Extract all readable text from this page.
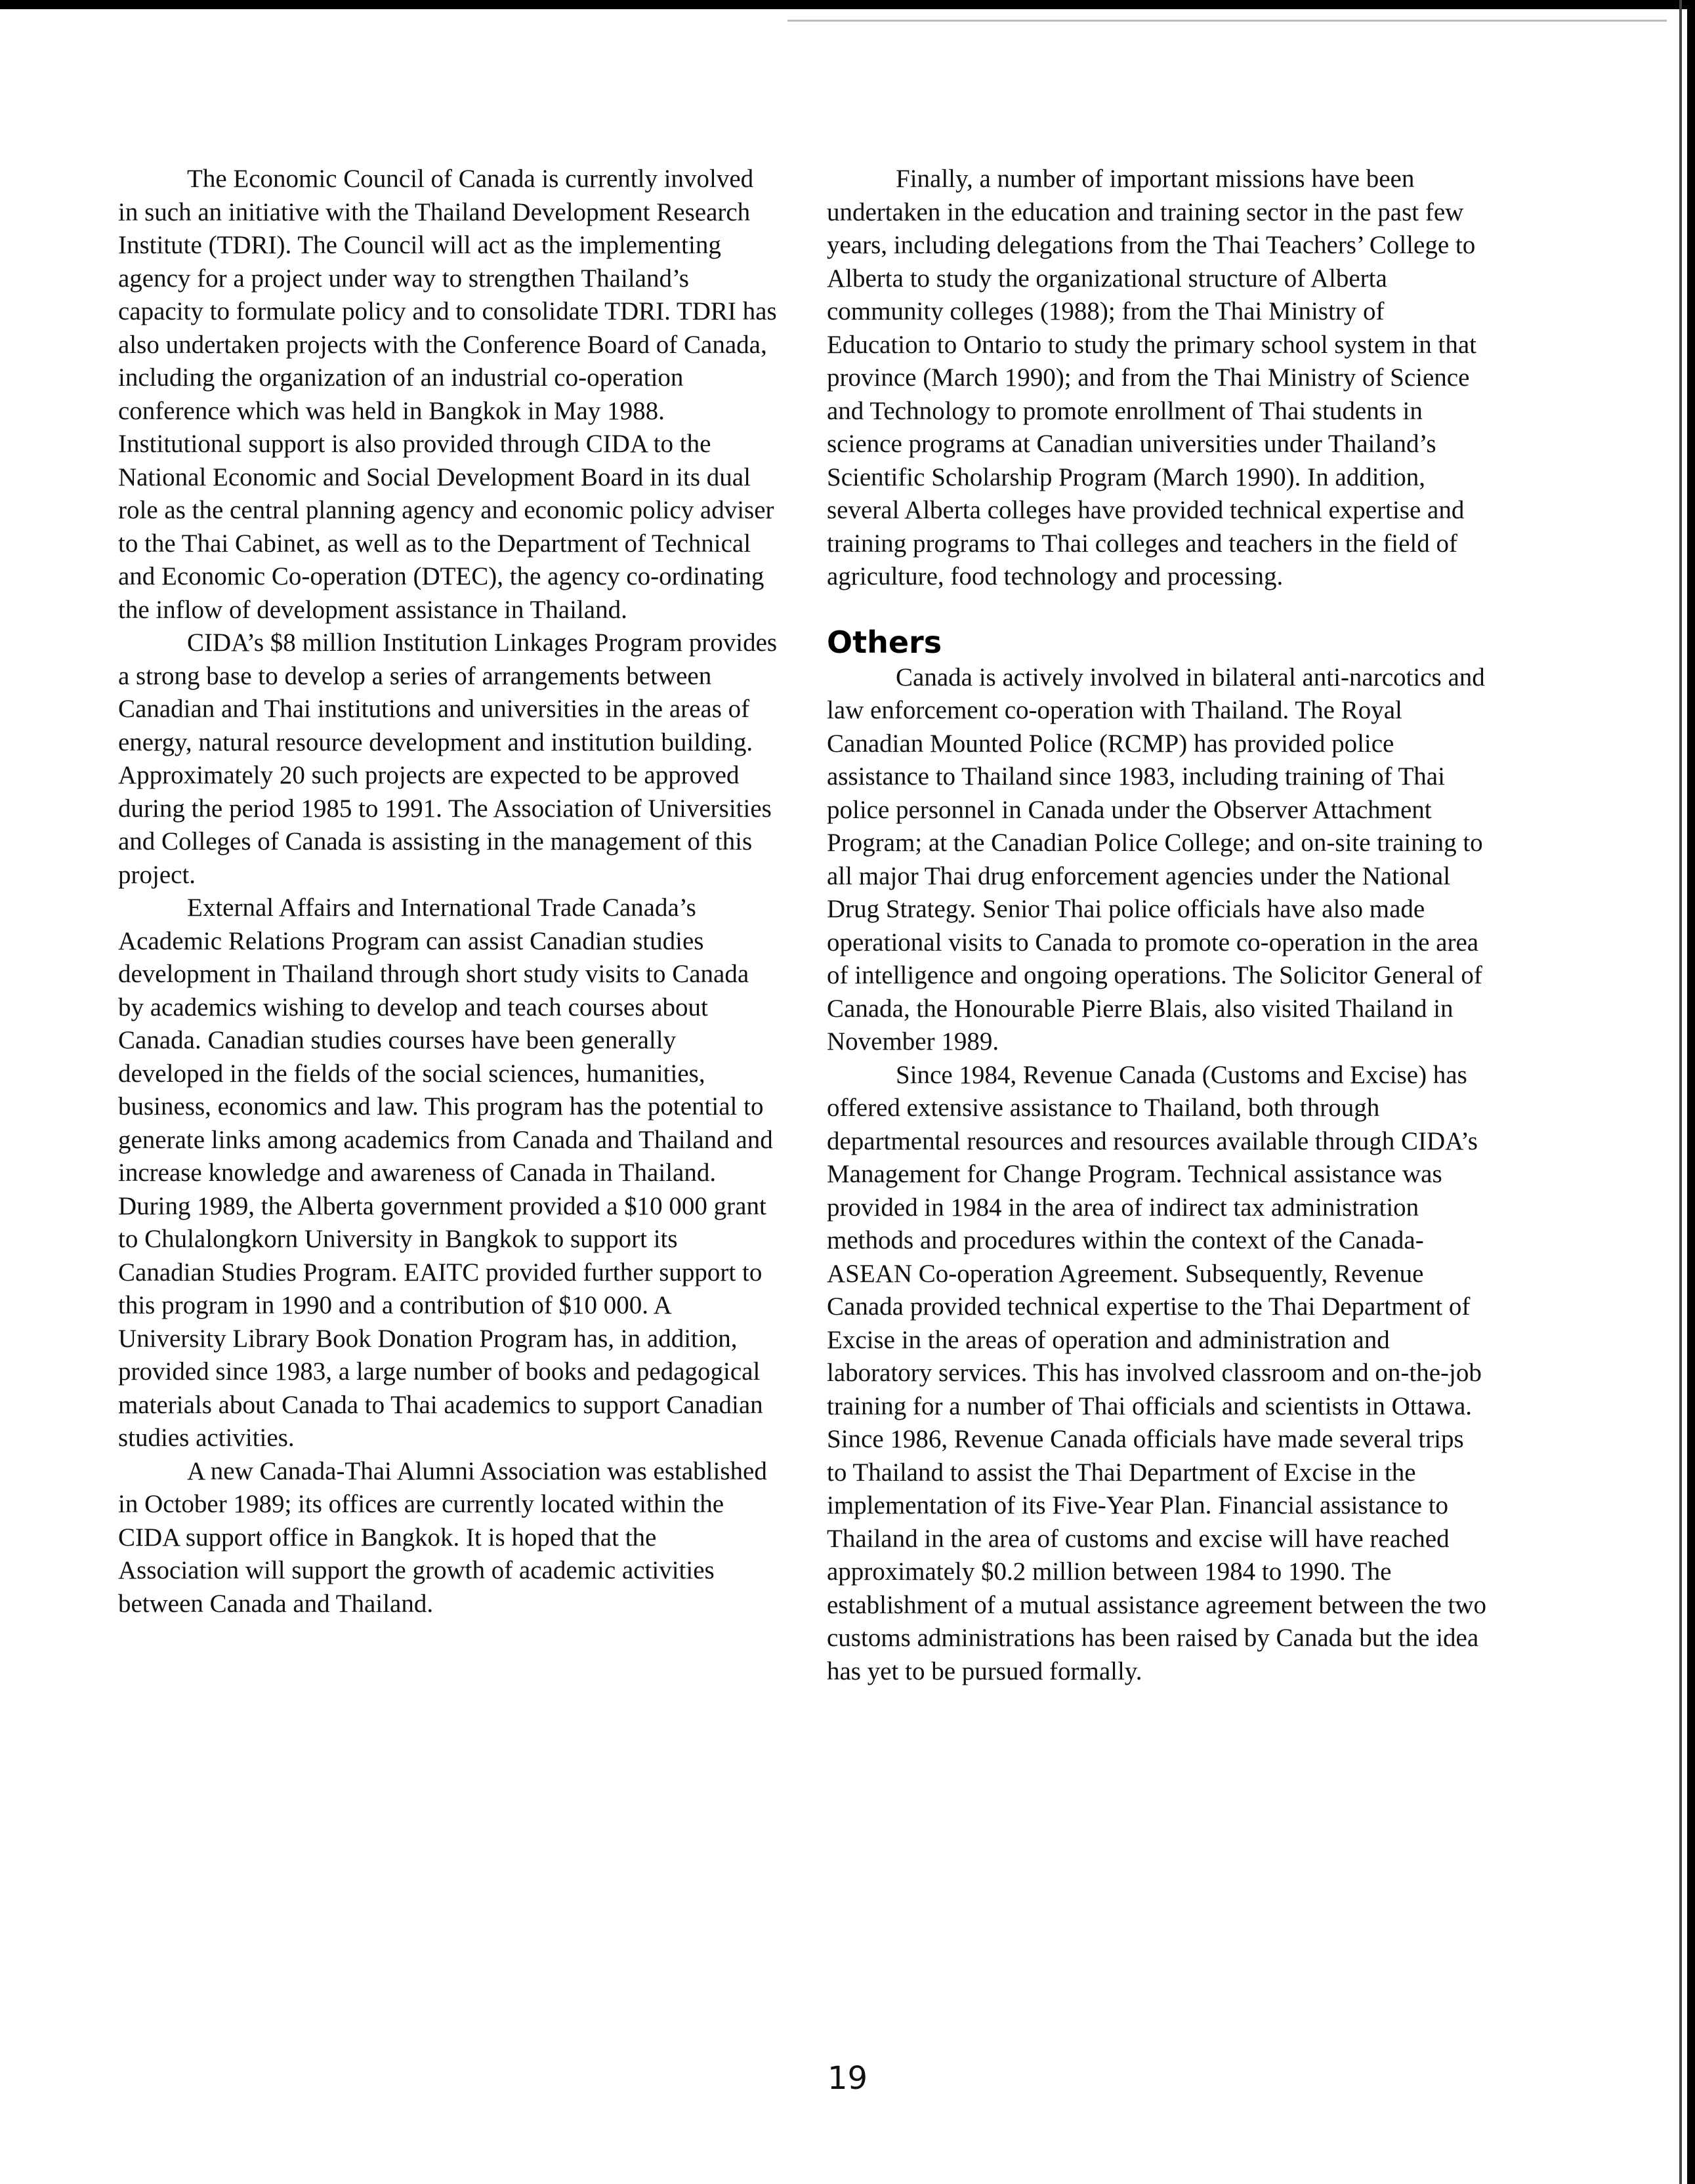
The Economic Council of Canada is currently involved in such an initiative with the Thailand Development Research Institute (TDRI). The Council will act as the implementing agency for a project under way to strengthen Thailand’s capacity to formulate policy and to consolidate TDRI. TDRI has also undertaken projects with the Conference Board of Canada, including the organization of an industrial co-operation conference which was held in Bangkok in May 1988. Institutional support is also provided through CIDA to the National Economic and Social Development Board in its dual role as the central planning agency and economic policy adviser to the Thai Cabinet, as well as to the Department of Technical and Economic Co-operation (DTEC), the agency co-ordinating the inflow of development assistance in Thailand.

CIDA’s $8 million Institution Linkages Program provides a strong base to develop a series of arrangements between Canadian and Thai institutions and universities in the areas of energy, natural resource development and institution building. Approximately 20 such projects are expected to be approved during the period 1985 to 1991. The Association of Universities and Colleges of Canada is assisting in the management of this project.

External Affairs and International Trade Canada’s Academic Relations Program can assist Canadian studies development in Thailand through short study visits to Canada by academics wishing to develop and teach courses about Canada. Canadian studies courses have been generally developed in the fields of the social sciences, humanities, business, economics and law. This program has the potential to generate links among academics from Canada and Thailand and increase knowledge and awareness of Canada in Thailand. During 1989, the Alberta government provided a $10 000 grant to Chulalongkorn University in Bangkok to support its Canadian Studies Program. EAITC provided further support to this program in 1990 and a contribution of $10 000. A University Library Book Donation Program has, in addition, provided since 1983, a large number of books and pedagogical materials about Canada to Thai academics to support Canadian studies activities.

A new Canada-Thai Alumni Association was established in October 1989; its offices are currently located within the CIDA support office in Bangkok. It is hoped that the Association will support the growth of academic activities between Canada and Thailand.

Finally, a number of important missions have been undertaken in the education and training sector in the past few years, including delegations from the Thai Teachers’ College to Alberta to study the organizational structure of Alberta community colleges (1988); from the Thai Ministry of Education to Ontario to study the primary school system in that province (March 1990); and from the Thai Ministry of Science and Technology to promote enrollment of Thai students in science programs at Canadian universities under Thailand’s Scientific Scholarship Program (March 1990). In addition, several Alberta colleges have provided technical expertise and training programs to Thai colleges and teachers in the field of agriculture, food technology and processing.

Others

Canada is actively involved in bilateral anti-narcotics and law enforcement co-operation with Thailand. The Royal Canadian Mounted Police (RCMP) has provided police assistance to Thailand since 1983, including training of Thai police personnel in Canada under the Observer Attachment Program; at the Canadian Police College; and on-site training to all major Thai drug enforcement agencies under the National Drug Strategy. Senior Thai police officials have also made operational visits to Canada to promote co-operation in the area of intelligence and ongoing operations. The Solicitor General of Canada, the Honourable Pierre Blais, also visited Thailand in November 1989.

Since 1984, Revenue Canada (Customs and Excise) has offered extensive assistance to Thailand, both through departmental resources and resources available through CIDA’s Management for Change Program. Technical assistance was provided in 1984 in the area of indirect tax administration methods and procedures within the context of the Canada-ASEAN Co-operation Agreement. Subsequently, Revenue Canada provided technical expertise to the Thai Department of Excise in the areas of operation and administration and laboratory services. This has involved classroom and on-the-job training for a number of Thai officials and scientists in Ottawa. Since 1986, Revenue Canada officials have made several trips to Thailand to assist the Thai Department of Excise in the implementation of its Five-Year Plan. Financial assistance to Thailand in the area of customs and excise will have reached approximately $0.2 million between 1984 to 1990. The establishment of a mutual assistance agreement between the two customs administrations has been raised by Canada but the idea has yet to be pursued formally.

19
